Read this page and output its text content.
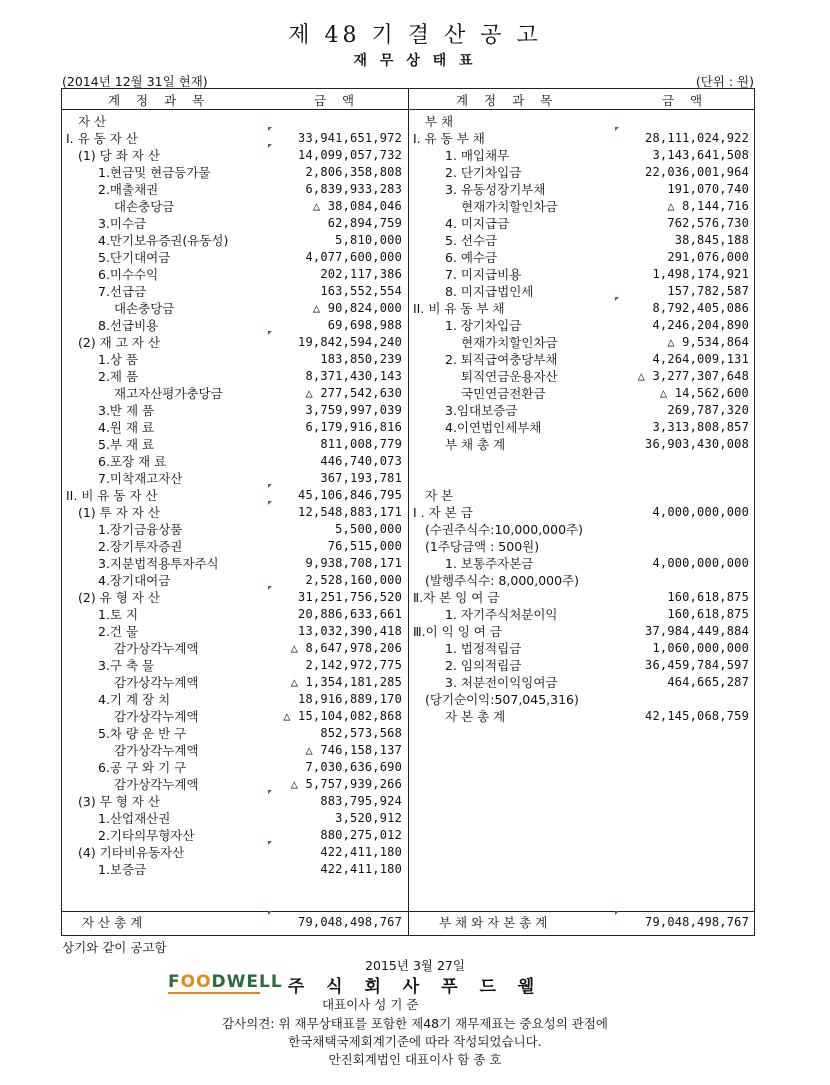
제 48 기 결 산 공 고
재 무 상 태 표
(2014년 12월 31일 현재)	(단위 : 원)
계 정 과 목	금 액	계 정 과 목	금 액
자 산
I. 유 동 자 산	33,941,651,972
(1) 당 좌 자 산	14,099,057,732
1.현금및 현금등가물	2,806,358,808
2.매출채권	6,839,933,283
대손충당금	△ 38,084,046
3.미수금	62,894,759
4.만기보유증권(유동성)	5,810,000
5.단기대여금	4,077,600,000
6.미수수익	202,117,386
7.선급금	163,552,554
대손충당금	△ 90,824,000
8.선급비용	69,698,988
(2) 재 고 자 산	19,842,594,240
1.상 품	183,850,239
2.제 품	8,371,430,143
재고자산평가충당금	△ 277,542,630
3.반 제 품	3,759,997,039
4.원 재 료	6,179,916,816
5.부 재 료	811,008,779
6.포장 재 료	446,740,073
7.미착재고자산	367,193,781
II. 비 유 동 자 산	45,106,846,795
(1) 투 자 자 산	12,548,883,171
1.장기금융상품	5,500,000
2.장기투자증권	76,515,000
3.지분법적용투자주식	9,938,708,171
4.장기대여금	2,528,160,000
(2) 유 형 자 산	31,251,756,520
1.토 지	20,886,633,661
2.건 물	13,032,390,418
감가상각누계액	△ 8,647,978,206
3.구 축 물	2,142,972,775
감가상각누계액	△ 1,354,181,285
4.기 계 장 치	18,916,889,170
감가상각누계액	△ 15,104,082,868
5.차 량 운 반 구	852,573,568
감가상각누계액	△ 746,158,137
6.공 구 와 기 구	7,030,636,690
감가상각누계액	△ 5,757,939,266
(3) 무 형 자 산	883,795,924
1.산업재산권	3,520,912
2.기타의무형자산	880,275,012
(4) 기타비유동자산	422,411,180
1.보증금	422,411,180
부 채
I. 유 동 부 채	28,111,024,922
1. 매입채무	3,143,641,508
2. 단기차입금	22,036,001,964
3. 유동성장기부채	191,070,740
현재가치할인차금	△ 8,144,716
4. 미지급금	762,576,730
5. 선수금	38,845,188
6. 예수금	291,076,000
7. 미지급비용	1,498,174,921
8. 미지급법인세	157,782,587
II. 비 유 동 부 채	8,792,405,086
1. 장기차입금	4,246,204,890
현재가치할인차금	△ 9,534,864
2. 퇴직급여충당부채	4,264,009,131
퇴직연금운용자산	△ 3,277,307,648
국민연금전환금	△ 14,562,600
3.임대보증금	269,787,320
4.이연법인세부채	3,313,808,857
부 채 총 계	36,903,430,008
자 본
I . 자 본 금	4,000,000,000
(수권주식수:10,000,000주)
(1주당금액 : 500원)
1. 보통주자본금	4,000,000,000
(발행주식수: 8,000,000주)
Ⅱ.자 본 잉 여 금	160,618,875
1. 자기주식처분이익	160,618,875
Ⅲ.이 익 잉 여 금	37,984,449,884
1. 법정적립금	1,060,000,000
2. 임의적립금	36,459,784,597
3. 처분전이익잉여금	464,665,287
(당기순이익:507,045,316)
자 본 총 계	42,145,068,759
자 산 총 계	79,048,498,767	부 채 와 자 본 총 계	79,048,498,767
상기와 같이 공고함
2015년 3월 27일
FOODWELL 주 식 회 사 푸 드 웰
대표이사 성 기 준
감사의견: 위 재무상태표를 포함한 제48기 재무제표는 중요성의 관점에
한국채택국제회계기준에 따라 작성되었습니다.
안진회계법인 대표이사 함 종 호
